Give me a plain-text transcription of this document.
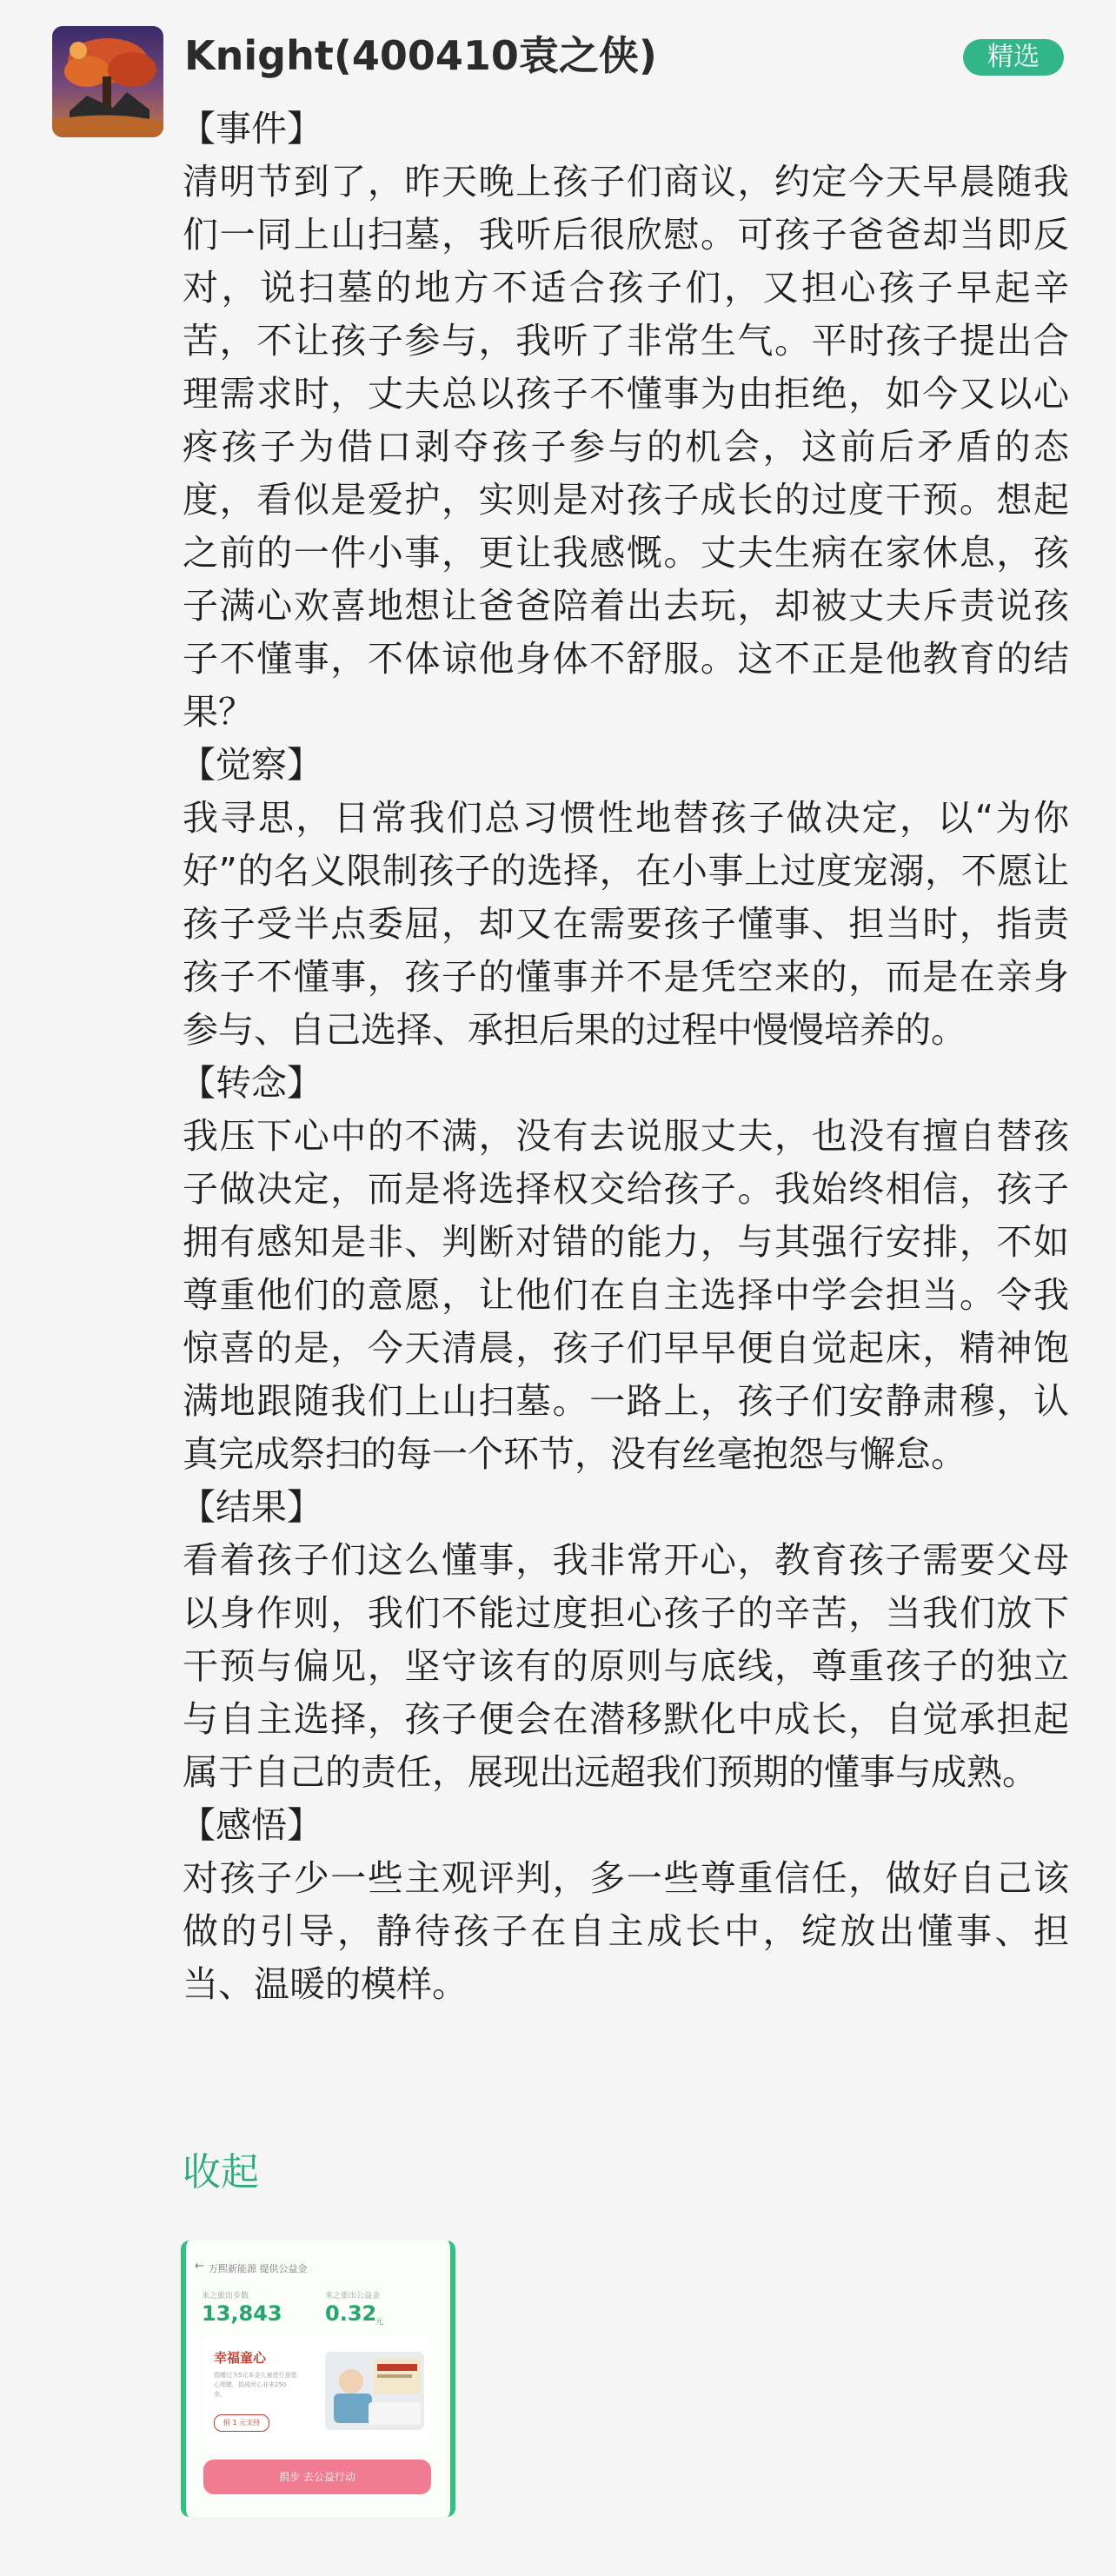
Knight(400410袁之侠)	精选
【事件】
清明节到了，昨天晚上孩子们商议，约定今天早晨随我们一同上山扫墓，我听后很欣慰。可孩子爸爸却当即反对，说扫墓的地方不适合孩子们，又担心孩子早起辛苦，不让孩子参与，我听了非常生气。平时孩子提出合理需求时，丈夫总以孩子不懂事为由拒绝，如今又以心疼孩子为借口剥夺孩子参与的机会，这前后矛盾的态度，看似是爱护，实则是对孩子成长的过度干预。想起之前的一件小事，更让我感慨。丈夫生病在家休息，孩子满心欢喜地想让爸爸陪着出去玩，却被丈夫斥责说孩子不懂事，不体谅他身体不舒服。这不正是他教育的结果？
【觉察】
我寻思，日常我们总习惯性地替孩子做决定，以“为你好”的名义限制孩子的选择，在小事上过度宠溺，不愿让孩子受半点委屈，却又在需要孩子懂事、担当时，指责孩子不懂事，孩子的懂事并不是凭空来的，而是在亲身参与、自己选择、承担后果的过程中慢慢培养的。
【转念】
我压下心中的不满，没有去说服丈夫，也没有擅自替孩子做决定，而是将选择权交给孩子。我始终相信，孩子拥有感知是非、判断对错的能力，与其强行安排，不如尊重他们的意愿，让他们在自主选择中学会担当。令我惊喜的是，今天清晨，孩子们早早便自觉起床，精神饱满地跟随我们上山扫墓。一路上，孩子们安静肃穆，认真完成祭扫的每一个环节，没有丝毫抱怨与懈怠。
【结果】
看着孩子们这么懂事，我非常开心，教育孩子需要父母以身作则，我们不能过度担心孩子的辛苦，当我们放下干预与偏见，坚守该有的原则与底线，尊重孩子的独立与自主选择，孩子便会在潜移默化中成长，自觉承担起属于自己的责任，展现出远超我们预期的懂事与成熟。
【感悟】
对孩子少一些主观评判，多一些尊重信任，做好自己该做的引导，静待孩子在自主成长中，绽放出懂事、担当、温暖的模样。
收起
← 万熙新能源 提供公益金
来之旅出步数
13,843
来之旅出公益金
0.32
元
幸福童心
捐赠过为5元本金儿童进行意愿心理健，捐成所心非来250余。
捐 1 元支持
捐步 去公益行动
